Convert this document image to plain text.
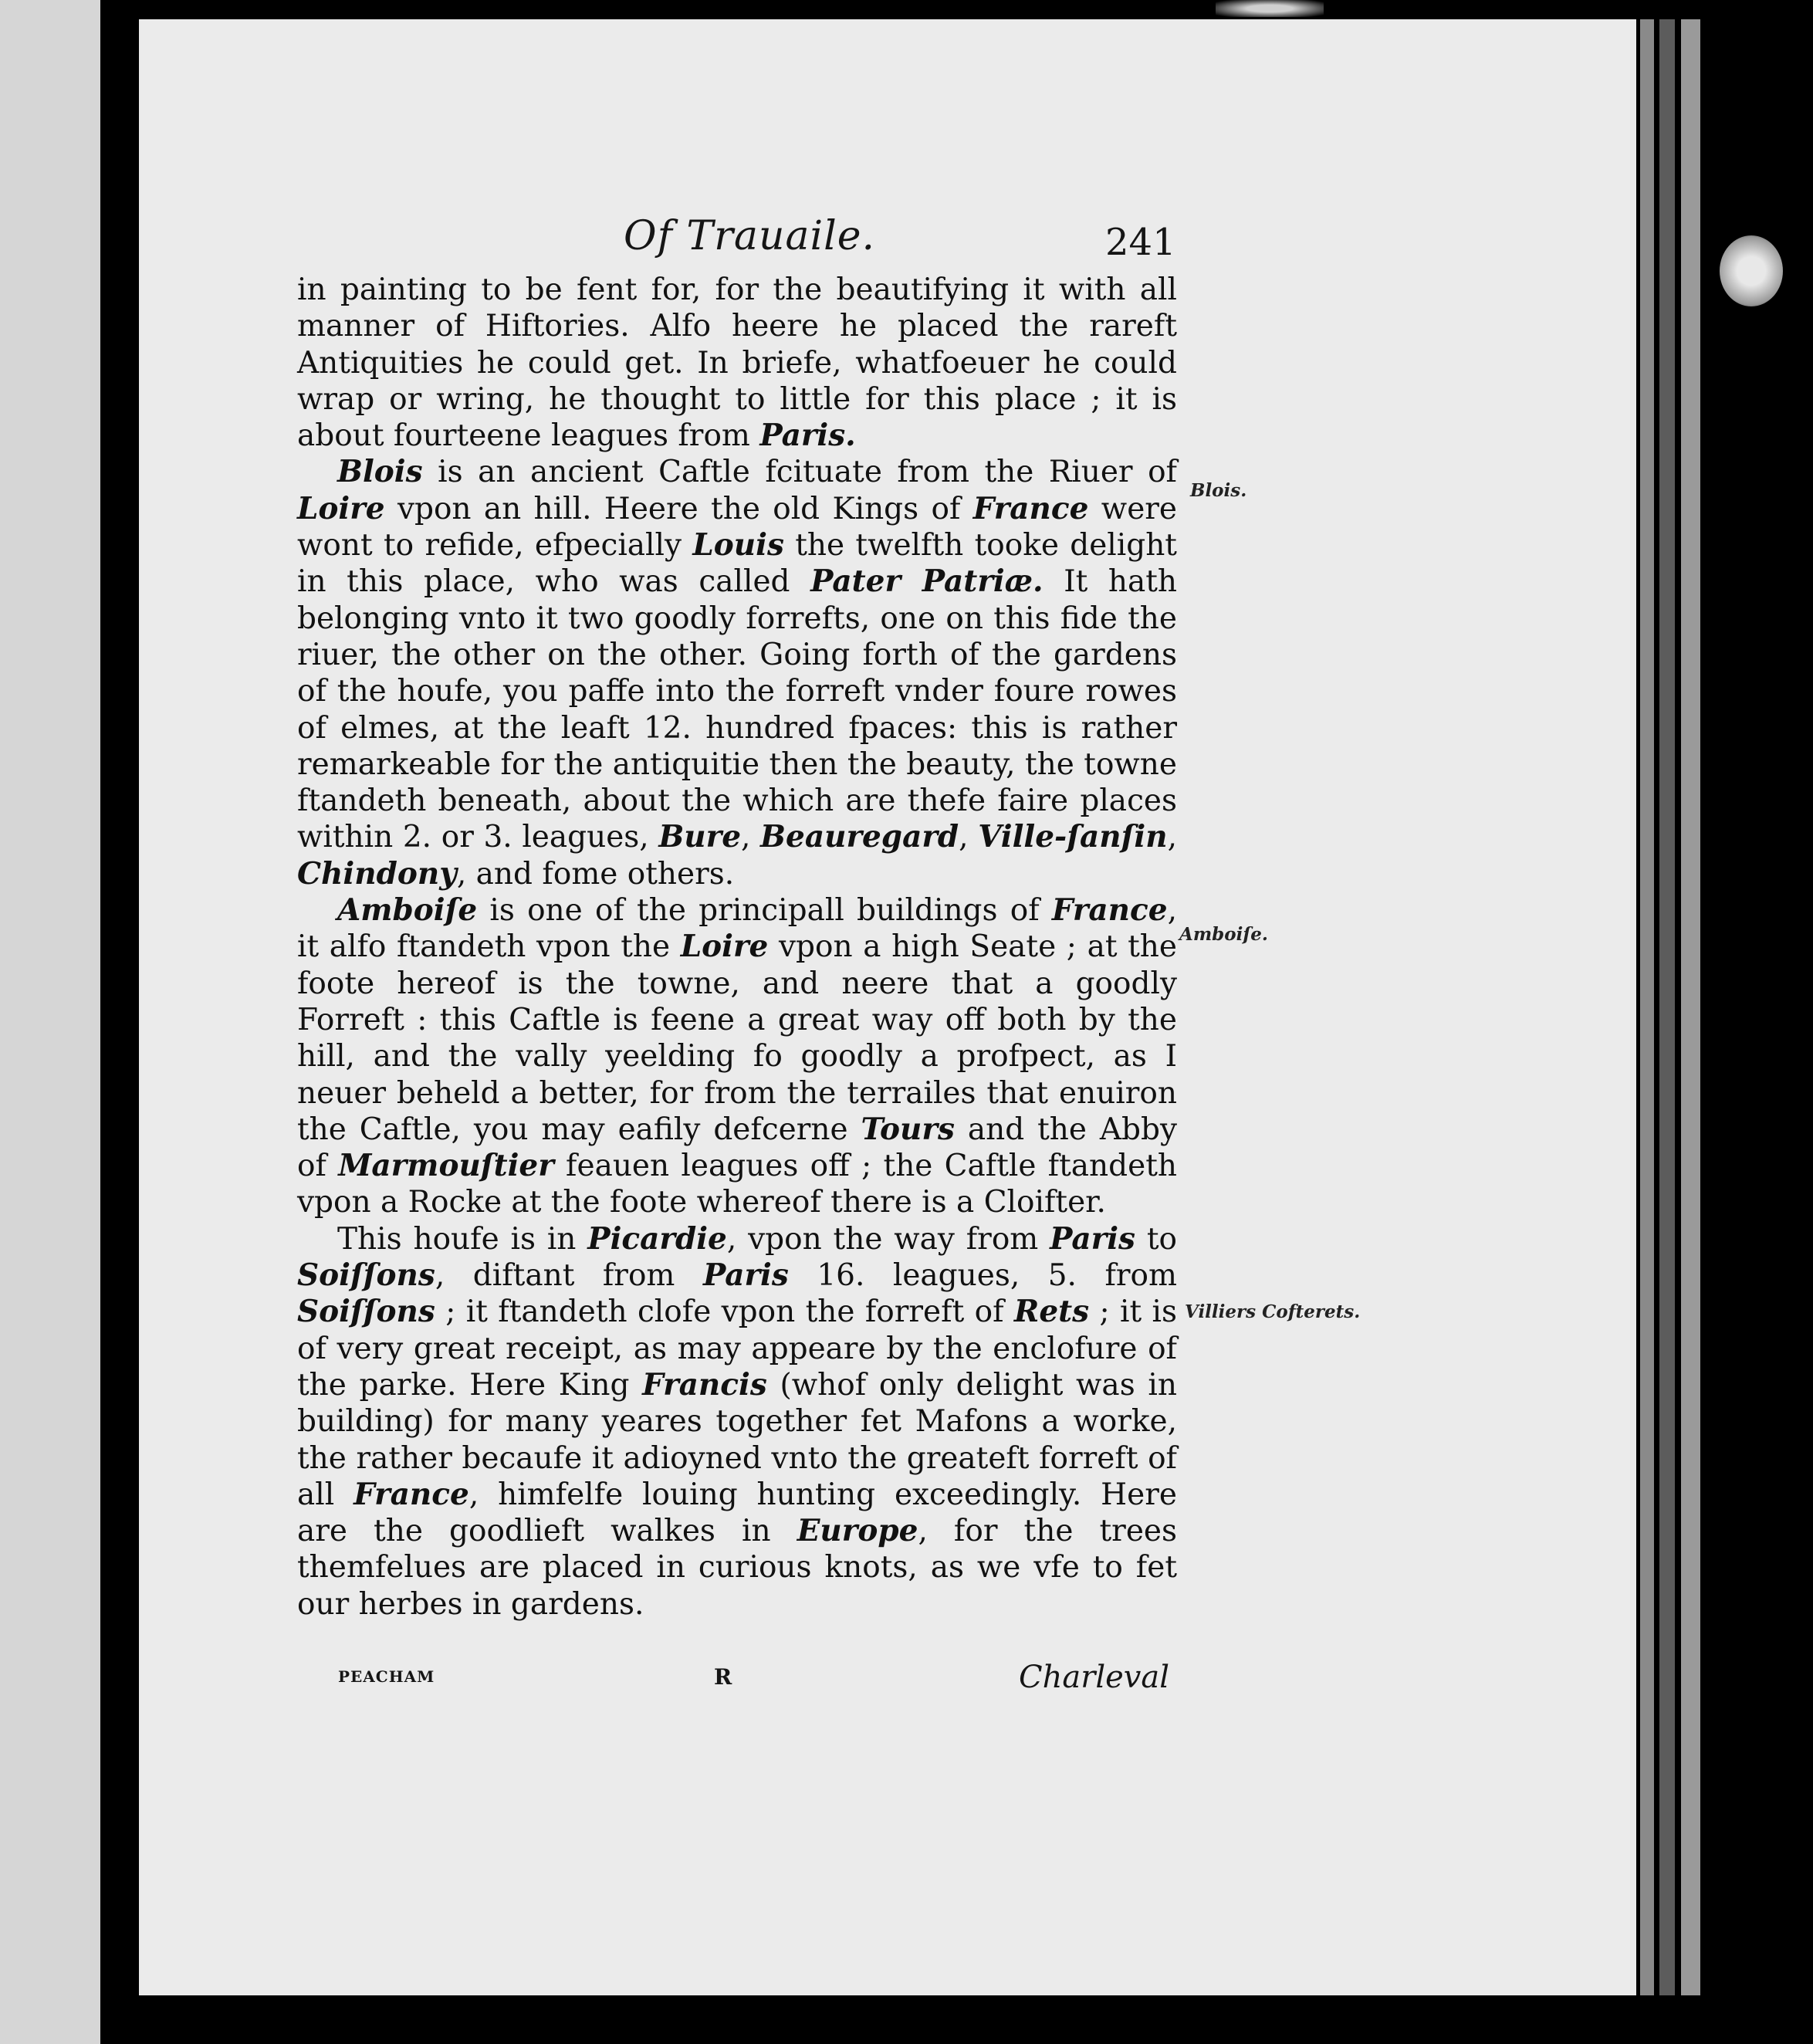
Of Trauaile.	241

in painting to be fent for, for the beautifying it with all manner of Hiftories. Alfo heere he placed the rareft Antiquities he could get. In briefe, whatfoeuer he could wrap or wring, he thought to little for this place ; it is about fourteene leagues from Paris.

Blois is an ancient Caftle fcituate from the Riuer of Loire vpon an hill. Heere the old Kings of France were wont to refide, efpecially Louis the twelfth tooke delight in this place, who was called Pater Patriæ. It hath belonging vnto it two goodly forrefts, one on this fide the riuer, the other on the other. Going forth of the gardens of the houfe, you paffe into the forreft vnder foure rowes of elmes, at the leaft 12. hundred fpaces: this is rather remarkeable for the antiquitie then the beauty, the towne ftandeth beneath, about the which are thefe faire places within 2. or 3. leagues, Bure, Beauregard, Ville-ſanſin, Chindony, and fome others.

Amboiſe is one of the principall buildings of France, it alfo ftandeth vpon the Loire vpon a high Seate ; at the foote hereof is the towne, and neere that a goodly Forreft : this Caftle is feene a great way off both by the hill, and the vally yeelding fo goodly a profpect, as I neuer beheld a better, for from the terrailes that enuiron the Caftle, you may eafily defcerne Tours and the Abby of Marmouſtier feauen leagues off ; the Caftle ftandeth vpon a Rocke at the foote whereof there is a Cloifter.

This houfe is in Picardie, vpon the way from Paris to Soiſſons, diftant from Paris 16. leagues, 5. from Soiſſons ; it ftandeth clofe vpon the forreft of Rets ; it is of very great receipt, as may appeare by the enclofure of the parke. Here King Francis (whof only delight was in building) for many yeares together fet Mafons a worke, the rather becaufe it adioyned vnto the greateft forreft of all France, himfelfe louing hunting exceedingly. Here are the goodlieft walkes in Europe, for the trees themfelues are placed in curious knots, as we vfe to fet our herbes in gardens.

Blois.
Amboiſe.
Villiers Cofterets.
PEACHAM	R	Charleval
